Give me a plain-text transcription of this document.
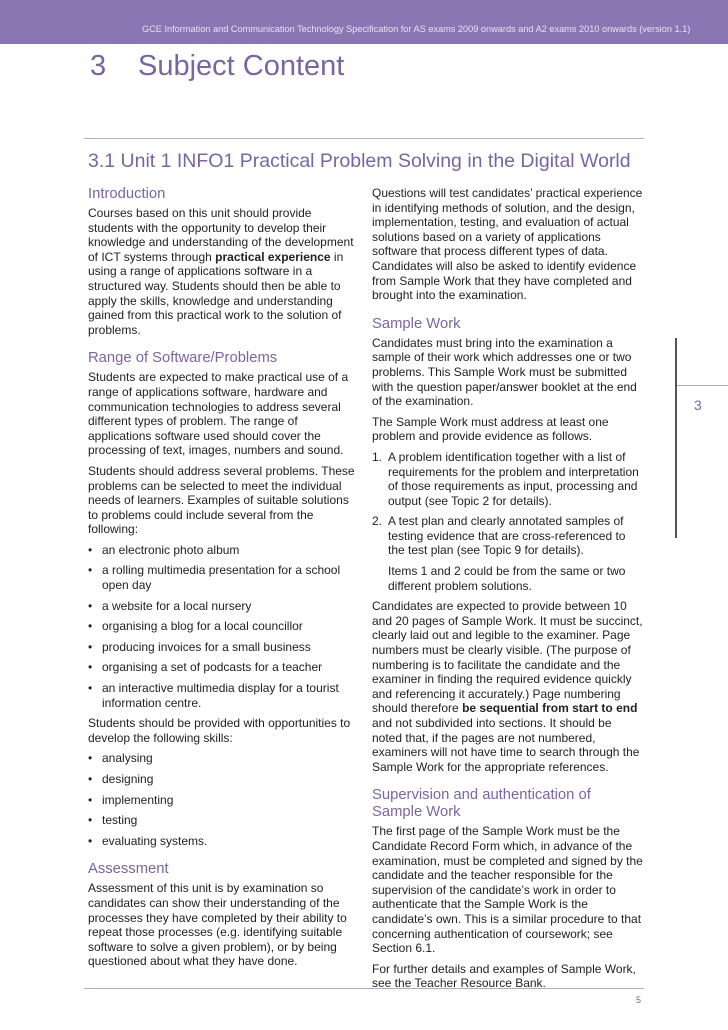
GCE Information and Communication Technology Specification for AS exams 2009 onwards and A2 exams 2010 onwards (version 1.1)
3 Subject Content
3.1 Unit 1 INFO1 Practical Problem Solving in the Digital World
Introduction

Courses based on this unit should provide students with the opportunity to develop their knowledge and understanding of the development of ICT systems through practical experience in using a range of applications software in a structured way. Students should then be able to apply the skills, knowledge and understanding gained from this practical work to the solution of problems.

Range of Software/Problems

Students are expected to make practical use of a range of applications software, hardware and communication technologies to address several different types of problem. The range of applications software used should cover the processing of text, images, numbers and sound.

Students should address several problems. These problems can be selected to meet the individual needs of learners. Examples of suitable solutions to problems could include several from the following:

• an electronic photo album
• a rolling multimedia presentation for a school open day
• a website for a local nursery
• organising a blog for a local councillor
• producing invoices for a small business
• organising a set of podcasts for a teacher
• an interactive multimedia display for a tourist information centre.

Students should be provided with opportunities to develop the following skills:

• analysing
• designing
• implementing
• testing
• evaluating systems.
Assessment

Assessment of this unit is by examination so candidates can show their understanding of the processes they have completed by their ability to repeat those processes (e.g. identifying suitable software to solve a given problem), or by being questioned about what they have done.

Questions will test candidates’ practical experience in identifying methods of solution, and the design, implementation, testing, and evaluation of actual solutions based on a variety of applications software that process different types of data. Candidates will also be asked to identify evidence from Sample Work that they have completed and brought into the examination.

Sample Work

Candidates must bring into the examination a sample of their work which addresses one or two problems. This Sample Work must be submitted with the question paper/answer booklet at the end of the examination.

The Sample Work must address at least one problem and provide evidence as follows.

1. A problem identification together with a list of requirements for the problem and interpretation of those requirements as input, processing and output (see Topic 2 for details).
2. A test plan and clearly annotated samples of testing evidence that are cross-referenced to the test plan (see Topic 9 for details).

Items 1 and 2 could be from the same or two different problem solutions.

Candidates are expected to provide between 10 and 20 pages of Sample Work. It must be succinct, clearly laid out and legible to the examiner. Page numbers must be clearly visible. (The purpose of numbering is to facilitate the candidate and the examiner in finding the required evidence quickly and referencing it accurately.) Page numbering should therefore be sequential from start to end and not subdivided into sections. It should be noted that, if the pages are not numbered, examiners will not have time to search through the Sample Work for the appropriate references.

Supervision and authentication of Sample Work

The first page of the Sample Work must be the Candidate Record Form which, in advance of the examination, must be completed and signed by the candidate and the teacher responsible for the supervision of the candidate’s work in order to authenticate that the Sample Work is the candidate’s own. This is a similar procedure to that concerning authentication of coursework; see Section 6.1.

For further details and examples of Sample Work, see the Teacher Resource Bank.

3
5
